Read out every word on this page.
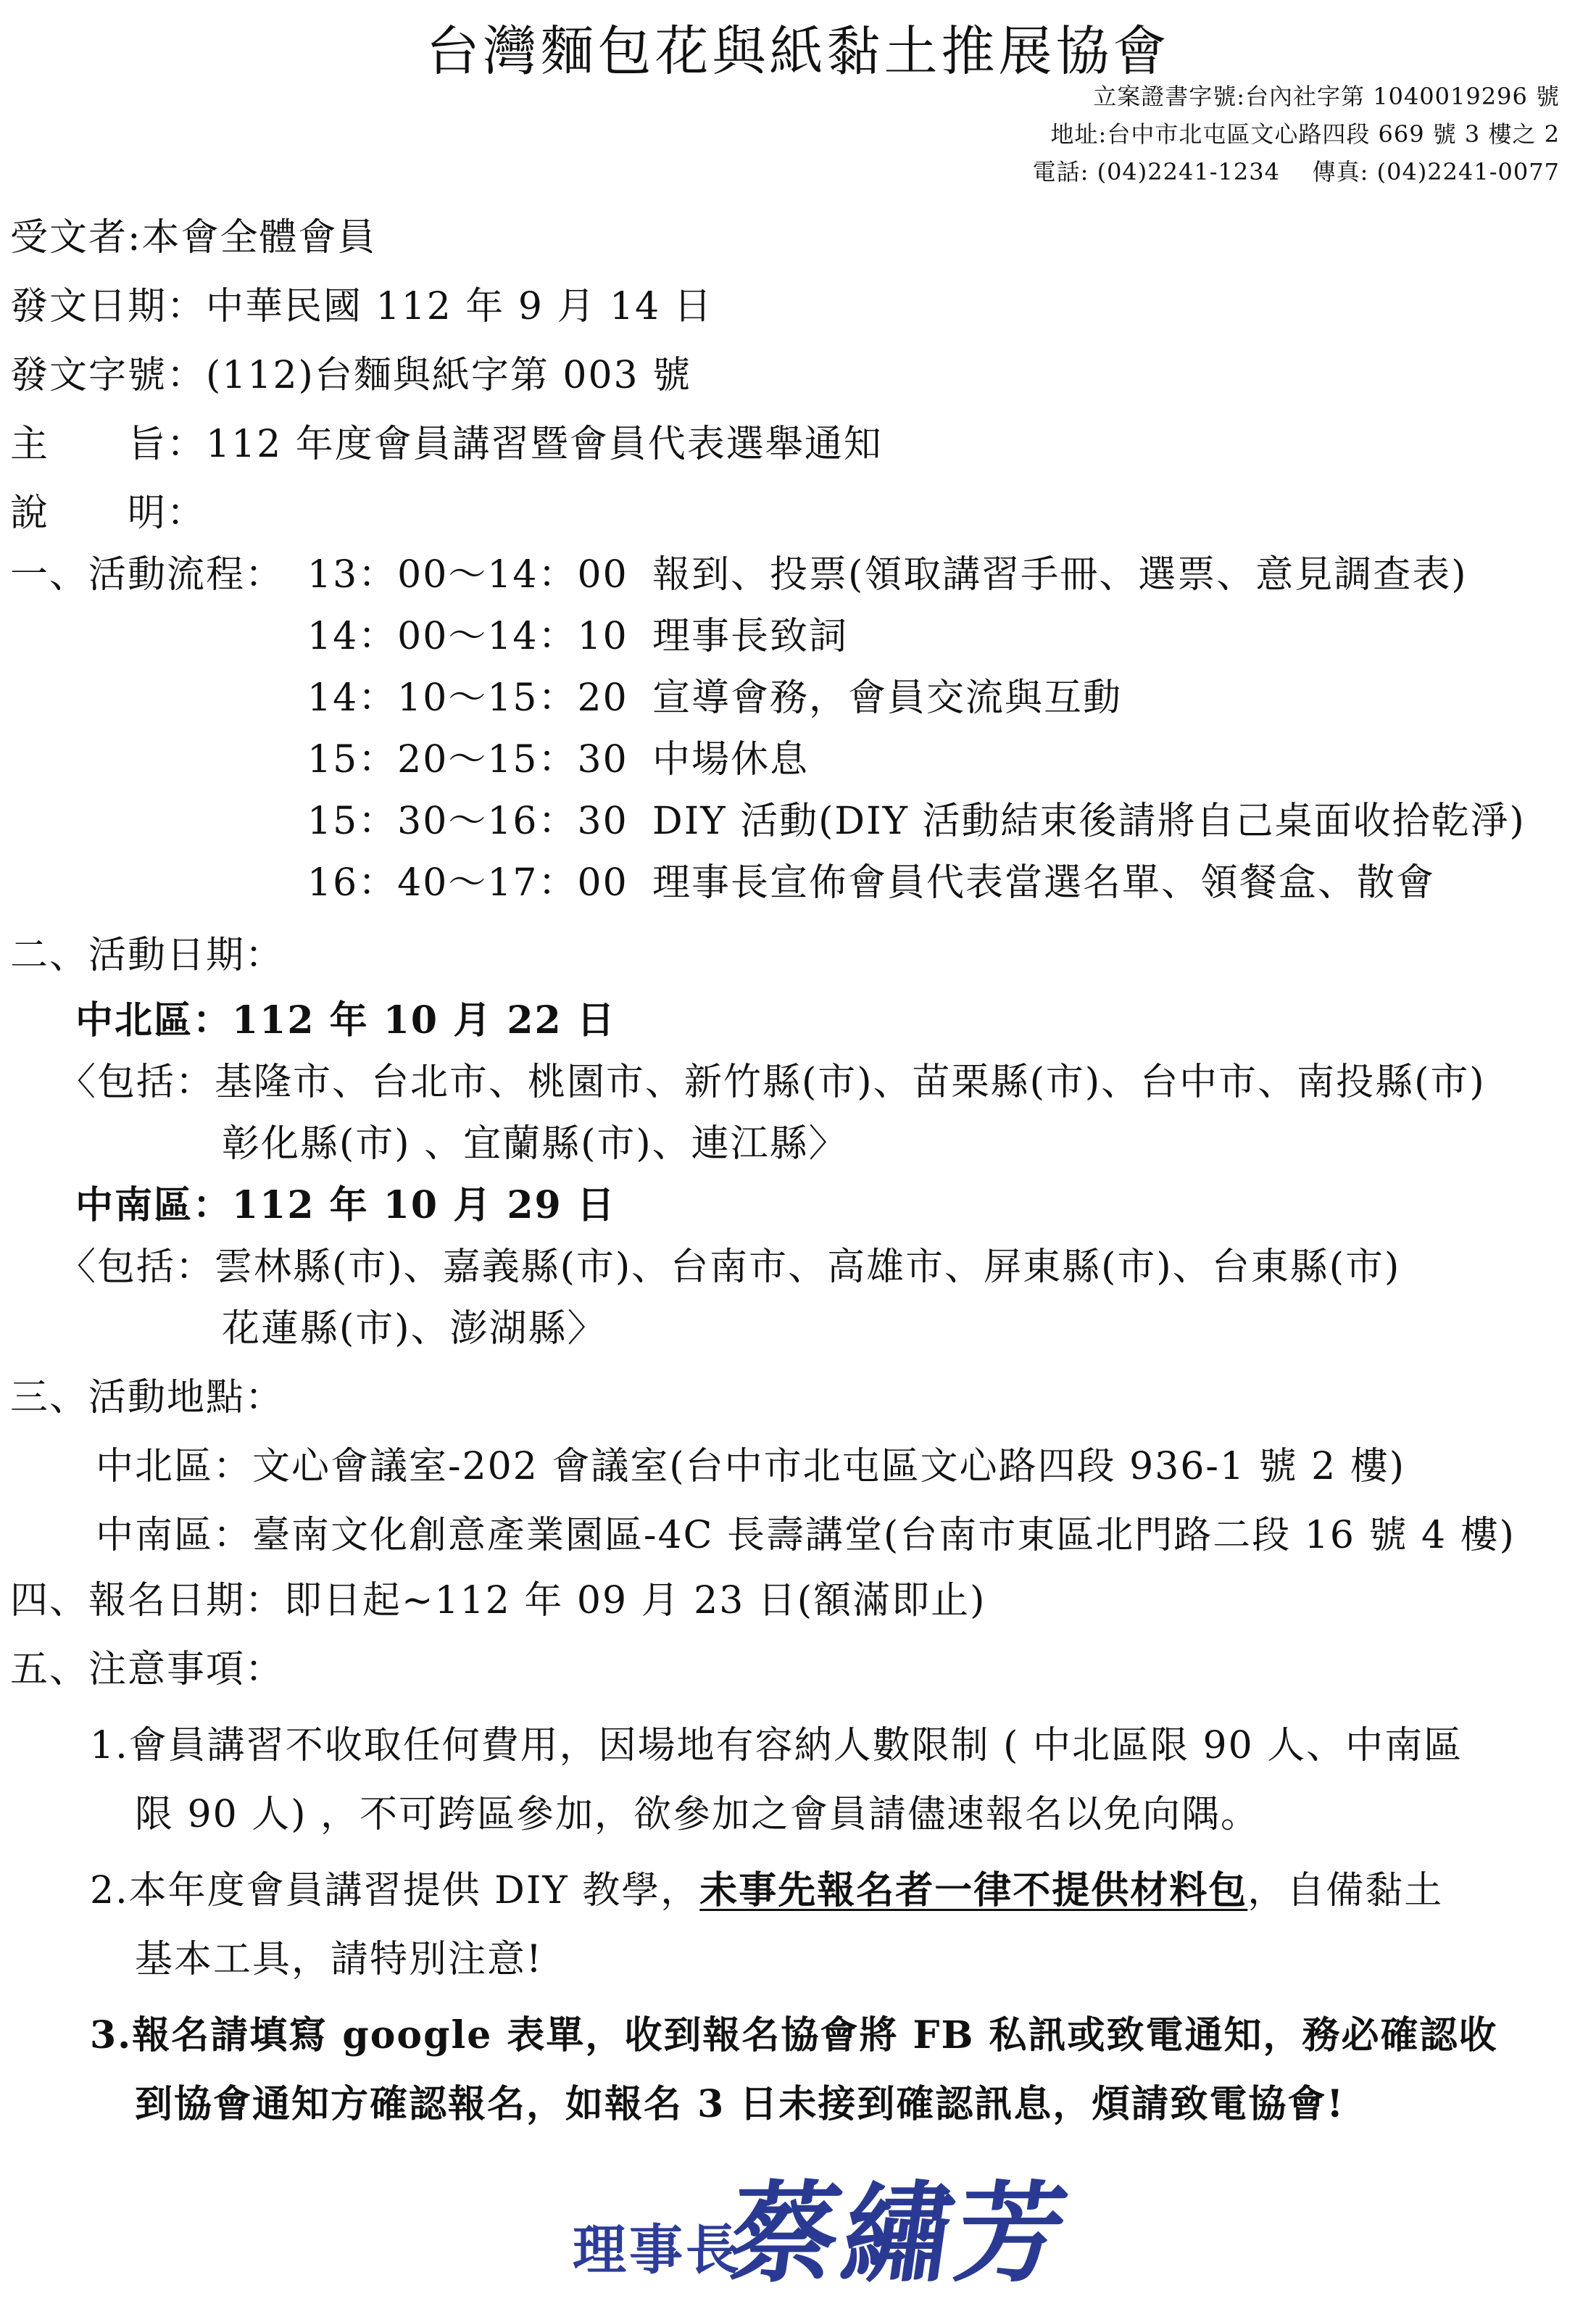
台灣麵包花與紙黏土推展協會
立案證書字號:台內社字第 1040019296 號
地址:台中市北屯區文心路四段 669 號 3 樓之 2
電話: (04)2241-1234 傳真: (04)2241-0077
受文者:本會全體會員
發文日期：中華民國 112 年 9 月 14 日
發文字號：(112)台麵與紙字第 003 號
主　　旨：112 年度會員講習暨會員代表選舉通知
說　　明：
一、活動流程： 13：00～14：00 報到、投票(領取講習手冊、選票、意見調查表)
14：00～14：10 理事長致詞
14：10～15：20 宣導會務，會員交流與互動
15：20～15：30 中場休息
15：30～16：30 DIY 活動(DIY 活動結束後請將自己桌面收拾乾淨)
16：40～17：00 理事長宣佈會員代表當選名單、領餐盒、散會
二、活動日期：
中北區：112 年 10 月 22 日
〈包括：基隆市、台北市、桃園市、新竹縣(市)、苗栗縣(市)、台中市、南投縣(市)
彰化縣(市) 、宜蘭縣(市)、連江縣〉
中南區：112 年 10 月 29 日
〈包括：雲林縣(市)、嘉義縣(市)、台南市、高雄市、屏東縣(市)、台東縣(市)
花蓮縣(市)、澎湖縣〉
三、活動地點：
中北區：文心會議室-202 會議室(台中市北屯區文心路四段 936-1 號 2 樓)
中南區：臺南文化創意產業園區-4C 長壽講堂(台南市東區北門路二段 16 號 4 樓)
四、報名日期：即日起~112 年 09 月 23 日(額滿即止)
五、注意事項：
1.會員講習不收取任何費用，因場地有容納人數限制 ( 中北區限 90 人、中南區
限 90 人) ，不可跨區參加，欲參加之會員請儘速報名以免向隅。
2.本年度會員講習提供 DIY 教學，未事先報名者一律不提供材料包，自備黏土
基本工具，請特別注意!
3.報名請填寫 google 表單，收到報名協會將 FB 私訊或致電通知，務必確認收
到協會通知方確認報名，如報名 3 日未接到確認訊息，煩請致電協會!
理事長
蔡繡芳
